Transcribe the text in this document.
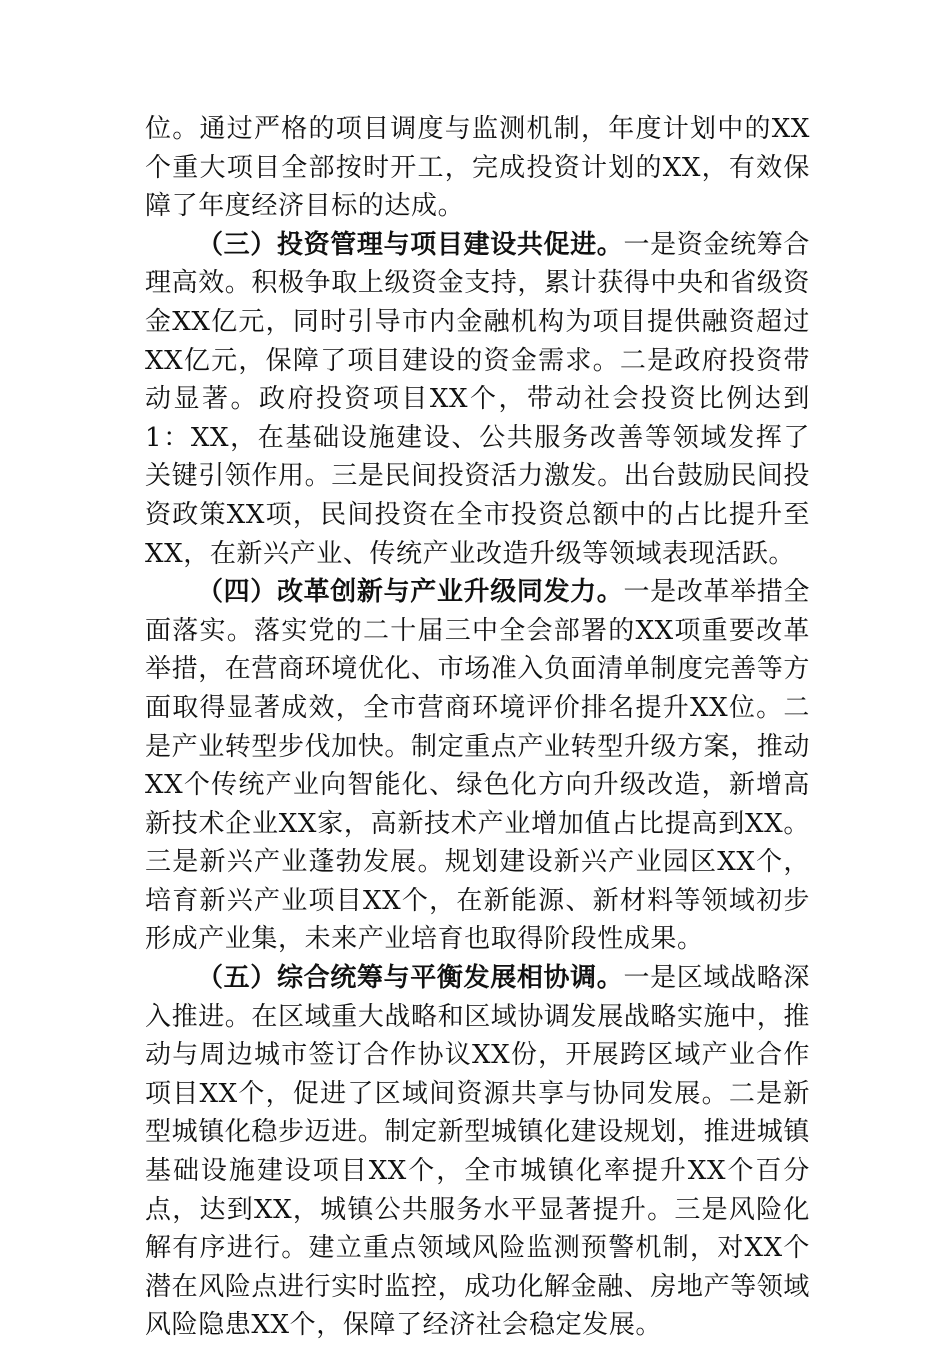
位。通过严格的项目调度与监测机制，年度计划中的XX个重大项目全部按时开工，完成投资计划的XX，有效保障了年度经济目标的达成。

（三）投资管理与项目建设共促进。一是资金统筹合理高效。积极争取上级资金支持，累计获得中央和省级资金XX亿元，同时引导市内金融机构为项目提供融资超过XX亿元，保障了项目建设的资金需求。二是政府投资带动显著。政府投资项目XX个，带动社会投资比例达到1：XX，在基础设施建设、公共服务改善等领域发挥了关键引领作用。三是民间投资活力激发。出台鼓励民间投资政策XX项，民间投资在全市投资总额中的占比提升至XX，在新兴产业、传统产业改造升级等领域表现活跃。

（四）改革创新与产业升级同发力。一是改革举措全面落实。落实党的二十届三中全会部署的XX项重要改革举措，在营商环境优化、市场准入负面清单制度完善等方面取得显著成效，全市营商环境评价排名提升XX位。二是产业转型步伐加快。制定重点产业转型升级方案，推动XX个传统产业向智能化、绿色化方向升级改造，新增高新技术企业XX家，高新技术产业增加值占比提高到XX。三是新兴产业蓬勃发展。规划建设新兴产业园区XX个，培育新兴产业项目XX个，在新能源、新材料等领域初步形成产业集，未来产业培育也取得阶段性成果。

（五）综合统筹与平衡发展相协调。一是区域战略深入推进。在区域重大战略和区域协调发展战略实施中，推动与周边城市签订合作协议XX份，开展跨区域产业合作项目XX个，促进了区域间资源共享与协同发展。二是新型城镇化稳步迈进。制定新型城镇化建设规划，推进城镇基础设施建设项目XX个，全市城镇化率提升XX个百分点，达到XX，城镇公共服务水平显著提升。三是风险化解有序进行。建立重点领域风险监测预警机制，对XX个潜在风险点进行实时监控，成功化解金融、房地产等领域风险隐患XX个，保障了经济社会稳定发展。
